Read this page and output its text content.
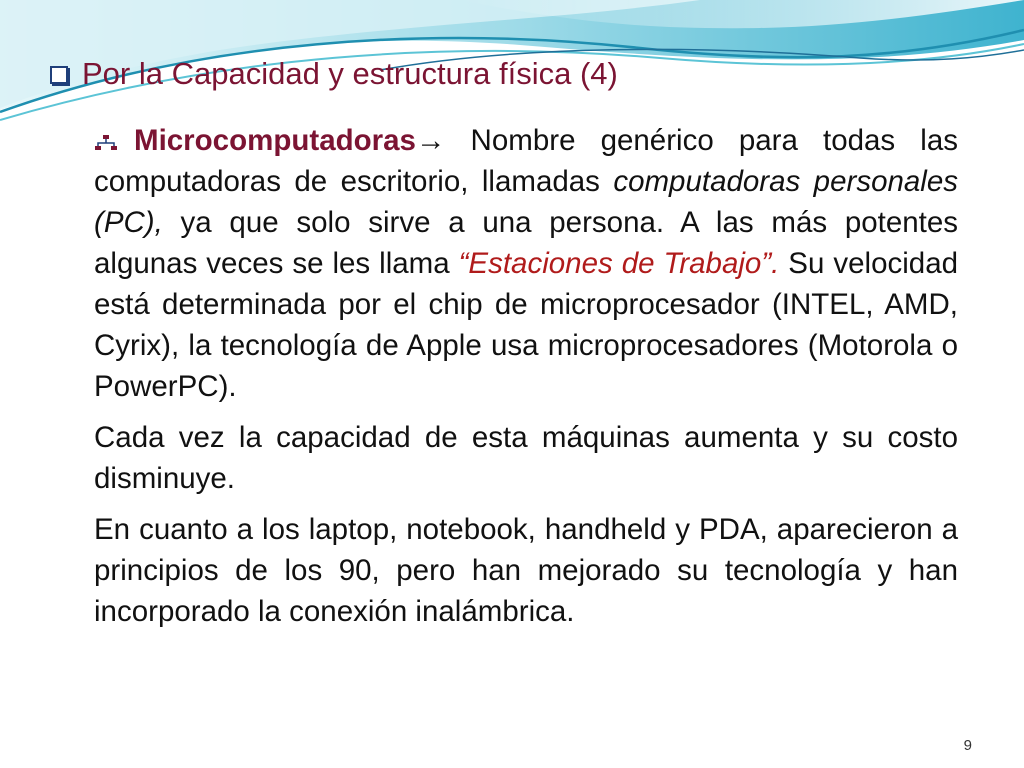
Por la Capacidad y estructura física (4)

Microcomputadoras→ Nombre genérico para todas las computadoras de escritorio, llamadas computadoras personales (PC), ya que solo sirve a una persona. A las más potentes algunas veces se les llama “Estaciones de Trabajo”. Su velocidad está determinada por el chip de microprocesador (INTEL, AMD, Cyrix), la tecnología de Apple usa microprocesadores (Motorola o PowerPC).

Cada vez la capacidad de esta máquinas aumenta y su costo disminuye.

En cuanto a los laptop, notebook, handheld y PDA, aparecieron a principios de los 90, pero han mejorado su tecnología y han incorporado la conexión inalámbrica.

9
